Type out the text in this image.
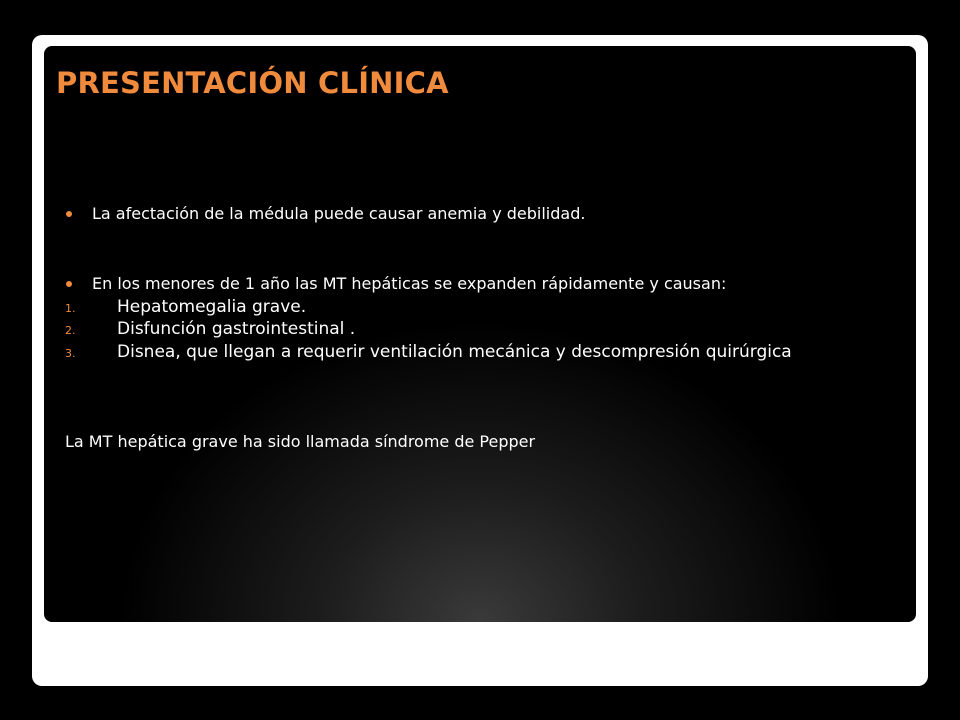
PRESENTACIÓN CLÍNICA
La afectación de la médula puede causar anemia y debilidad.
En los menores de 1 año las MT hepáticas se expanden rápidamente y causan:
1. Hepatomegalia grave.
2. Disfunción gastrointestinal .
3. Disnea, que llegan a requerir ventilación mecánica y descompresión quirúrgica
La MT hepática grave ha sido llamada síndrome de Pepper
